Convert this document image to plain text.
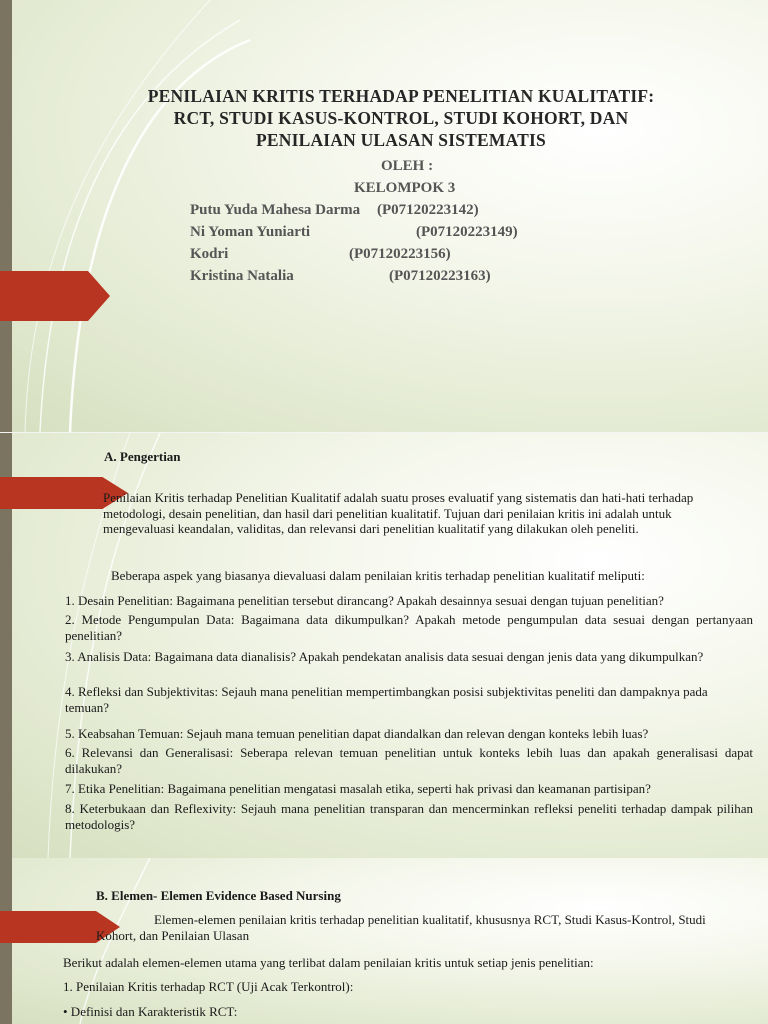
PENILAIAN KRITIS TERHADAP PENELITIAN KUALITATIF:
RCT, STUDI KASUS-KONTROL, STUDI KOHORT, DAN
PENILAIAN ULASAN SISTEMATIS
OLEH :
KELOMPOK 3
Putu Yuda Mahesa Darma (P07120223142)
Ni Yoman Yuniarti	(P07120223149)
Kodri	(P07120223156)
Kristina Natalia	(P07120223163)
A. Pengertian
Penilaian Kritis terhadap Penelitian Kualitatif adalah suatu proses evaluatif yang sistematis dan hati-hati terhadap metodologi, desain penelitian, dan hasil dari penelitian kualitatif. Tujuan dari penilaian kritis ini adalah untuk mengevaluasi keandalan, validitas, dan relevansi dari penelitian kualitatif yang dilakukan oleh peneliti.
Beberapa aspek yang biasanya dievaluasi dalam penilaian kritis terhadap penelitian kualitatif meliputi:
1. Desain Penelitian: Bagaimana penelitian tersebut dirancang? Apakah desainnya sesuai dengan tujuan penelitian?
2. Metode Pengumpulan Data: Bagaimana data dikumpulkan? Apakah metode pengumpulan data sesuai dengan pertanyaan penelitian?
3. Analisis Data: Bagaimana data dianalisis? Apakah pendekatan analisis data sesuai dengan jenis data yang dikumpulkan?
4. Refleksi dan Subjektivitas: Sejauh mana penelitian mempertimbangkan posisi subjektivitas peneliti dan dampaknya pada temuan?
5. Keabsahan Temuan: Sejauh mana temuan penelitian dapat diandalkan dan relevan dengan konteks lebih luas?
6. Relevansi dan Generalisasi: Seberapa relevan temuan penelitian untuk konteks lebih luas dan apakah generalisasi dapat dilakukan?
7. Etika Penelitian: Bagaimana penelitian mengatasi masalah etika, seperti hak privasi dan keamanan partisipan?
8. Keterbukaan dan Reflexivity: Sejauh mana penelitian transparan dan mencerminkan refleksi peneliti terhadap dampak pilihan metodologis?
B. Elemen- Elemen Evidence Based Nursing
Elemen-elemen penilaian kritis terhadap penelitian kualitatif, khususnya RCT, Studi Kasus-Kontrol, Studi Kohort, dan Penilaian Ulasan
Berikut adalah elemen-elemen utama yang terlibat dalam penilaian kritis untuk setiap jenis penelitian:
1. Penilaian Kritis terhadap RCT (Uji Acak Terkontrol):
• Definisi dan Karakteristik RCT:
